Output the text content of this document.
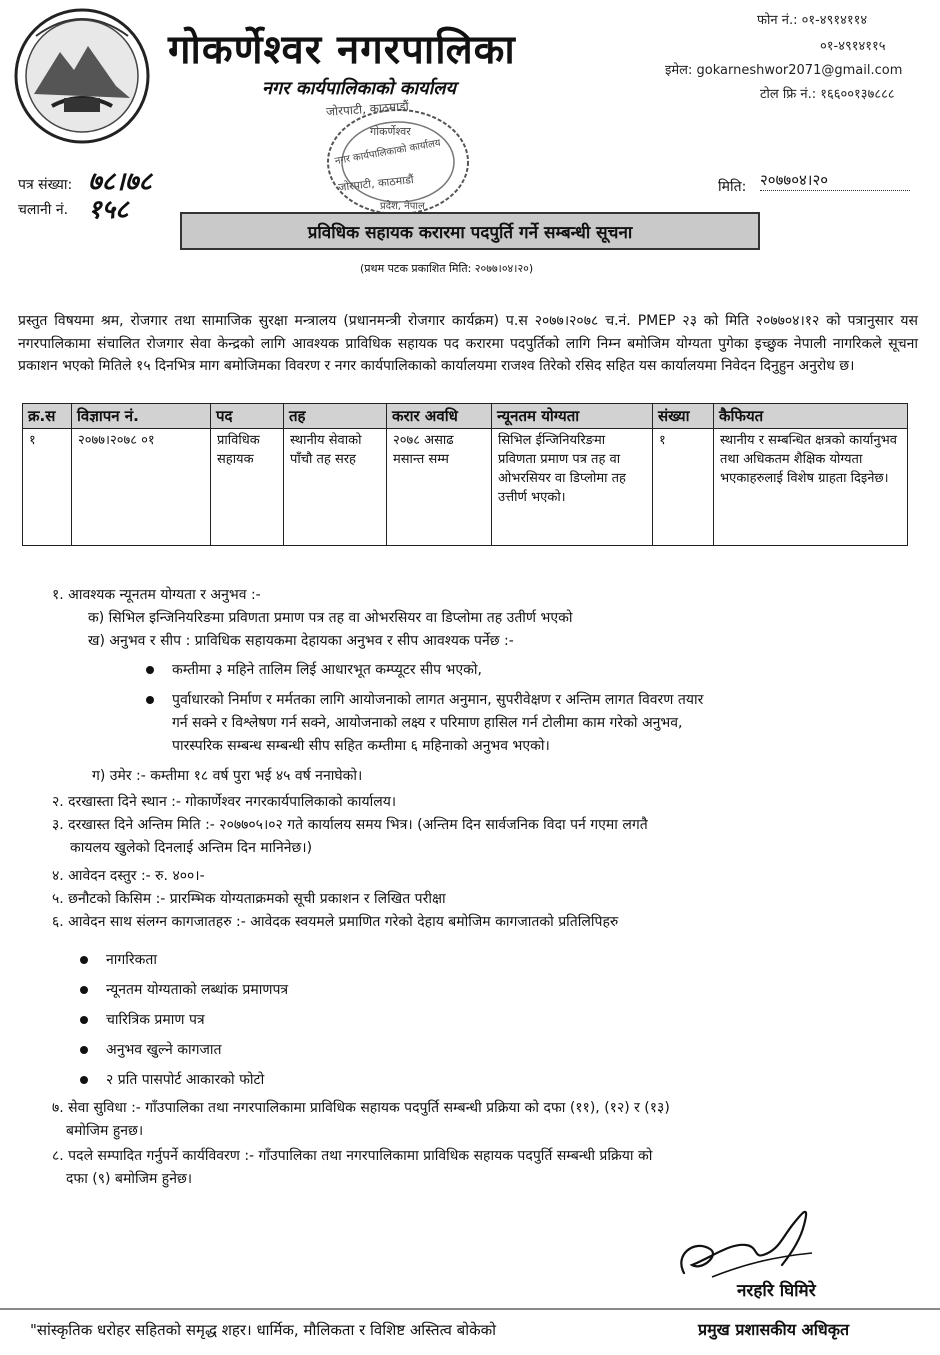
गोकर्णेश्वर नगरपालिका
नगर कार्यपालिकाको कार्यालय
फोन नं.: ०१-४९१४११४
०१-४९१४११५
इमेल: gokarneshwor2071@gmail.com
टोल फ्रि नं.: १६६००१३७८८८
जोरपाटी, काठमाडौं
गोकर्णेश्वर
नगर कार्यपालिकाको कार्यालय
जोरपाटी, काठमाडौं
प्रदेश, नेपाल
पत्र संख्या: ७८।७८
चलानी नं. १५८
मिति: २०७७०४।२०
प्रविधिक सहायक करारमा पदपुर्ति गर्ने सम्बन्धी सूचना
(प्रथम पटक प्रकाशित मिति: २०७७।०४।२०)
प्रस्तुत विषयमा श्रम, रोजगार तथा सामाजिक सुरक्षा मन्त्रालय (प्रधानमन्त्री रोजगार कार्यक्रम) प.स २०७७।२०७८ च.नं. PMEP २३ को मिति २०७७०४।१२ को पत्रानुसार यस नगरपालिकामा संचालित रोजगार सेवा केन्द्रको लागि आवश्यक प्राविधिक सहायक पद करारमा पदपुर्तिको लागि निम्न बमोजिम योग्यता पुगेका इच्छुक नेपाली नागरिकले सूचना प्रकाशन भएको मितिले १५ दिनभित्र माग बमोजिमका विवरण र नगर कार्यपालिकाको कार्यालयमा राजश्व तिरेको रसिद सहित यस कार्यालयमा निवेदन दिनुहुन अनुरोध छ।
क्र.स	विज्ञापन नं.	पद	तह	करार अवधि	न्यूनतम योग्यता	संख्या	कैफियत
१	२०७७।२०७८ ०१	प्राविधिक सहायक	स्थानीय सेवाको पाँचौ तह सरह	२०७८ असाढ मसान्त सम्म	सिभिल ईन्जिनियरिङमा प्रविणता प्रमाण पत्र तह वा ओभरसियर वा डिप्लोमा तह उत्तीर्ण भएको।	१	स्थानीय र सम्बन्धित क्षत्रको कार्यानुभव तथा अधिकतम शैक्षिक योग्यता भएकाहरुलाई विशेष ग्राहता दिइनेछ।
१. आवश्यक न्यूनतम योग्यता र अनुभव :-
क) सिभिल इन्जिनियरिङमा प्रविणता प्रमाण पत्र तह वा ओभरसियर वा डिप्लोमा तह उतीर्ण भएको
ख) अनुभव र सीप : प्राविधिक सहायकमा देहायका अनुभव र सीप आवश्यक पर्नेछ :-
कम्तीमा ३ महिने तालिम लिई आधारभूत कम्प्यूटर सीप भएको,
पुर्वाधारको निर्माण र मर्मतका लागि आयोजनाको लागत अनुमान, सुपरीवेक्षण र अन्तिम लागत विवरण तयार
गर्न सक्ने र विश्लेषण गर्न सक्ने, आयोजनाको लक्ष्य र परिमाण हासिल गर्न टोलीमा काम गरेको अनुभव,
पारस्परिक सम्बन्ध सम्बन्धी सीप सहित कम्तीमा ६ महिनाको अनुभव भएको।
ग) उमेर :- कम्तीमा १८ वर्ष पुरा भई ४५ वर्ष ननाघेको।
२. दरखास्ता दिने स्थान :- गोकार्णेश्वर नगरकार्यपालिकाको कार्यालय।
३. दरखास्त दिने अन्तिम मिति :- २०७७०५।०२ गते कार्यालय समय भित्र। (अन्तिम दिन सार्वजनिक विदा पर्न गएमा लगतै
कायलय खुलेको दिनलाई अन्तिम दिन मानिनेछ।)
४. आवेदन दस्तुर :- रु. ४००।-
५. छनौटको किसिम :- प्रारम्भिक योग्यताक्रमको सूची प्रकाशन र लिखित परीक्षा
६. आवेदन साथ संलग्न कागजातहरु :- आवेदक स्वयमले प्रमाणित गरेको देहाय बमोजिम कागजातको प्रतिलिपिहरु
नागरिकता
न्यूनतम योग्यताको लब्धांक प्रमाणपत्र
चारित्रिक प्रमाण पत्र
अनुभव खुल्ने कागजात
२ प्रति पासपोर्ट आकारको फोटो
७. सेवा सुविधा :- गाँउपालिका तथा नगरपालिकामा प्राविधिक सहायक पदपुर्ति सम्बन्धी प्रक्रिया को दफा (११), (१२) र (१३)
बमोजिम हुनछ।
८. पदले सम्पादित गर्नुपर्ने कार्यविवरण :- गाँउपालिका तथा नगरपालिकामा प्राविधिक सहायक पदपुर्ति सम्बन्धी प्रक्रिया को
दफा (९) बमोजिम हुनेछ।
नरहरि घिमिरे
"सांस्कृतिक धरोहर सहितको समृद्ध शहर। धार्मिक, मौलिकता र विशिष्ट अस्तित्व बोकेको	प्रमुख प्रशासकीय अधिकृत
